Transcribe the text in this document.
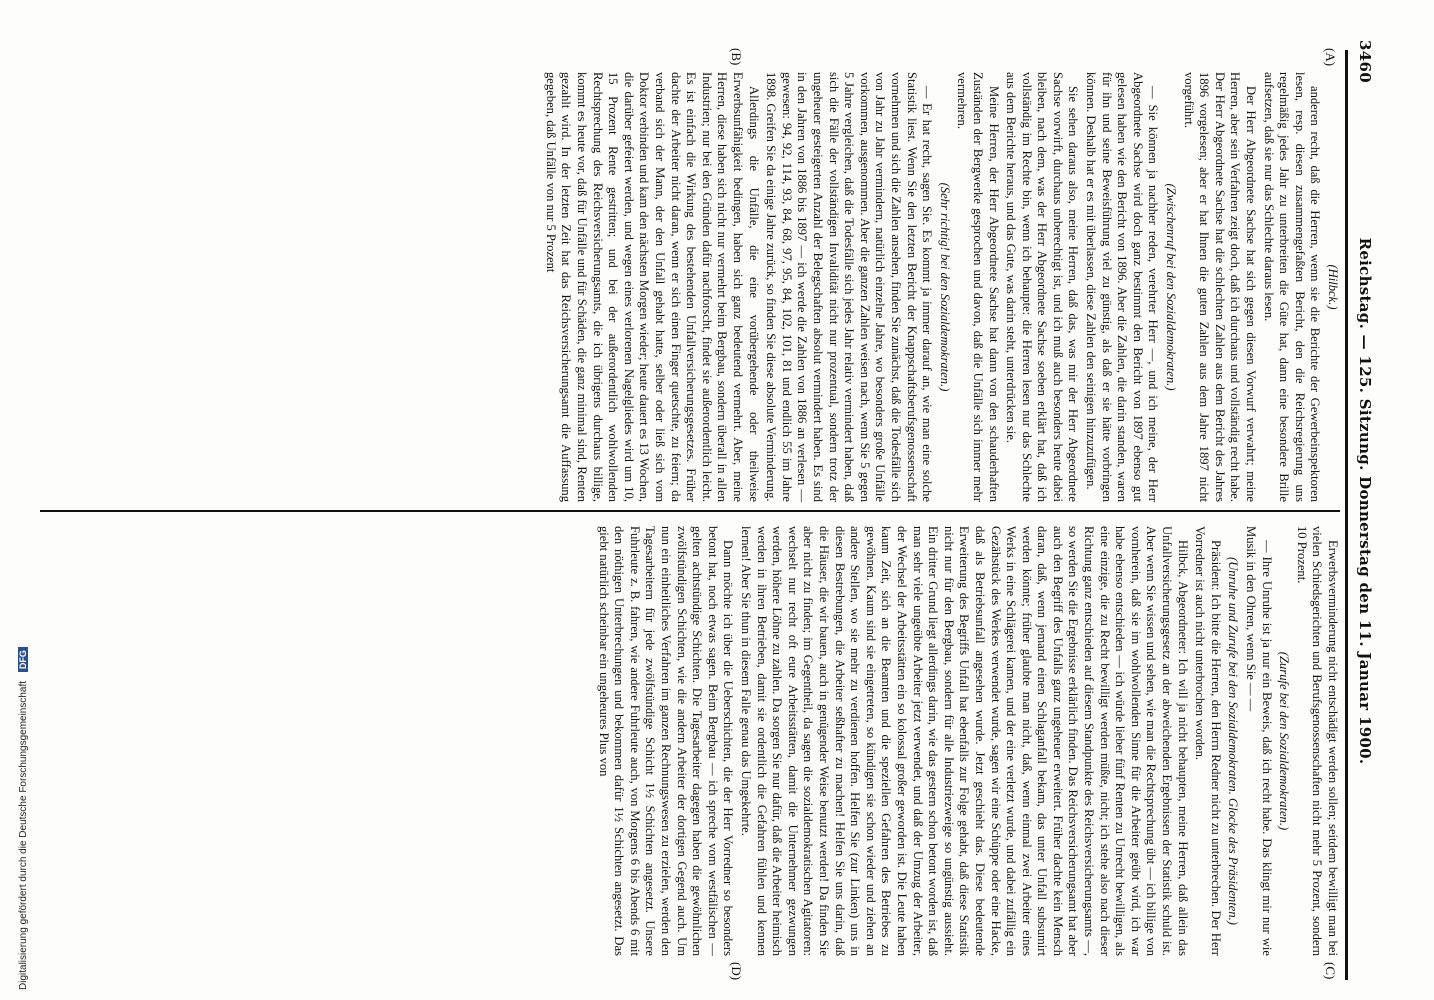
3460
Reichstag. — 125. Sitzung. Donnerstag den 11. Januar 1900.
(A)
(B)
(C)
(D)

(Hilbck.)

anderen recht, daß die Herren, wenn sie die Berichte der Gewerbeinspektoren lesen, resp. diesen zusammengefaßten Bericht, den die Reichsregierung uns regelmäßig jedes Jahr zu unterbreiten die Güte hat, dann eine besondere Brille aufsetzen, daß sie nur das Schlechte daraus lesen.

Der Herr Abgeordnete Sachse hat sich gegen diesen Vorwurf verwahrt; meine Herren, aber sein Verfahren zeigt doch, daß ich durchaus und vollständig recht habe. Der Herr Abgeordnete Sachse hat die schlechten Zahlen aus dem Bericht des Jahres 1896 vorgelesen; aber er hat Ihnen die guten Zahlen aus dem Jahre 1897 nicht vorgeführt.

(Zwischenruf bei den Sozialdemokraten.)

— Sie können ja nachher reden, verehrter Herr —, und ich meine, der Herr Abgeordnete Sachse wird doch ganz bestimmt den Bericht von 1897 ebenso gut gelesen haben wie den Bericht von 1896. Aber die Zahlen, die darin standen, waren für ihn und seine Beweisführung viel zu günstig, als daß er sie hätte vorbringen können. Deshalb hat er es mit überlassen, diese Zahlen den seinigen hinzuzufügen.

Sie sehen daraus also, meine Herren, daß das, was mir der Herr Abgeordnete Sachse vorwirft, durchaus unberechtigt ist, und ich muß auch besonders heute dabei bleiben, nach dem, was der Herr Abgeordnete Sachse soeben erklärt hat, daß ich vollständig im Rechte bin, wenn ich behaupte: die Herren lesen nur das Schlechte aus dem Berichte heraus, und das Gute, was darin steht, unterdrücken sie.

Meine Herren, der Herr Abgeordnete Sachse hat dann von den schauderhaften Zuständen der Bergwerke gesprochen und davon, daß die Unfälle sich immer mehr vermehren.

(Sehr richtig! bei den Sozialdemokraten.)

— Er hat recht, sagen Sie. Es kommt ja immer darauf an, wie man eine solche Statistik liest. Wenn Sie den letzten Bericht der Knappschaftsberufsgenossenschaft vornehmen und sich die Zahlen ansehen, finden Sie zunächst, daß die Todesfälle sich von Jahr zu Jahr vermindern, natürlich einzelne Jahre, wo besonders große Unfälle vorkommen, ausgenommen. Aber die ganzen Zahlen weisen nach, wenn Sie 5 gegen 5 Jahre vergleichen, daß die Todesfälle sich jedes Jahr relativ vermindert haben, daß sich die Fälle der vollständigen Invalidität nicht nur prozentual, sondern trotz der ungeheuer gesteigerten Anzahl der Belegschaften absolut vermindert haben. Es sind in den Jahren von 1886 bis 1897 — ich werde die Zahlen von 1886 an verlesen — gewesen: 94, 92, 114, 93, 84, 68, 97, 95, 84, 102, 101, 81 und endlich 55 im Jahre 1898. Greifen Sie da einige Jahre zurück, so finden Sie diese absolute Verminderung.

Allerdings die Unfälle, die eine vorübergehende oder theilweise Erwerbsunfähigkeit bedingen, haben sich ganz bedeutend vermehrt. Aber, meine Herren, diese haben sich nicht nur vermehrt beim Bergbau, sondern überall in allen Industrien; nur bei den Gründen dafür nachforscht, findet sie außerordentlich leicht. Es ist einfach die Wirkung des bestehenden Unfallversicherungsgesetzes. Früher dachte der Arbeiter nicht daran, wenn er sich einen Finger quetschte, zu feiern; da verband sich der Mann, der den Unfall gehabt hatte, selber oder ließ sich vom Doktor verbinden und kam den nächsten Morgen wieder; heute dauert es 13 Wochen, die darüber gefeiert werden, und wegen eines verlorenen Nagelgliedes wird um 10, 15 Prozent Rente gestritten; und bei der außerordentlich wohlwollenden Rechtsprechung des Reichsversicherungsamts, die ich übrigens durchaus billige, kommt es heute vor, daß für Unfälle und für Schäden, die ganz minimal sind, Renten gezahlt wird. In der letzten Zeit hat das Reichsversicherungsamt die Auffassung gegeben, daß Unfälle von nur 5 Prozent

Erwerbsverminderung nicht entschädigt werden sollen; seitdem bewilligt man bei vielen Schiedsgerichten und Berufsgenossenschaften nicht mehr 5 Prozent, sondern 10 Prozent.

(Zurufe bei den Sozialdemokraten.)

— Ihre Unruhe ist ja nur ein Beweis, daß ich recht habe. Das klingt mir nur wie Musik in den Ohren, wenn Sie — —

(Unruhe und Zurufe bei den Sozialdemokraten. Glocke des Präsidenten.)

Präsident: Ich bitte die Herren, den Herrn Redner nicht zu unterbrechen. Der Herr Vorredner ist auch nicht unterbrochen worden.

Hilbck, Abgeordneter: Ich will ja nicht behaupten, meine Herren, daß allein das Unfallversicherungsgesetz an der abweichenden Ergebnissen der Statistik schuld ist. Aber wenn Sie wissen und sehen, wie man die Rechtsprechung übt — ich billige von vornherein, daß sie im wohlwollenden Sinne für die Arbeiter geübt wird, ich war habe ebenso entschieden — ich würde lieber fünf Renten zu Unrecht bewilligen, als eine einzige, die zu Recht bewilligt werden müßte, nicht; ich stehe also nach dieser Richtung ganz entschieden auf diesem Standpunkte des Reichsversicherungsamts —, so werden Sie die Ergebnisse erklärlich finden. Das Reichsversicherungsamt hat aber auch den Begriff des Unfalls ganz ungeheuer erweitert. Früher dachte kein Mensch daran, daß, wenn jemand einen Schlaganfall bekam, das unter Unfall subsumirt werden könnte; früher glaubte man nicht, daß, wenn einmal zwei Arbeiter eines Werks in eine Schlägerei kamen, und der eine verletzt wurde, und dabei zufällig ein Gezähstück des Werkes verwendet wurde, sagen wir eine Schüppe oder eine Hacke, daß als Betriebsunfall angesehen wurde. Jetzt geschieht das. Diese bedeutende Erweiterung des Begriffs Unfall hat ebenfalls zur Folge gehabt, daß diese Statistik nicht nur für den Bergbau, sondern für alle Industriezweige so ungünstig aussieht. Ein dritter Grund liegt allerdings darin, wie das gestern schon betont worden ist, daß man sehr viele ungeübte Arbeiter jetzt verwendet, und daß der Umzug der Arbeiter, der Wechsel der Arbeitsstätten ein so kolossal großer geworden ist. Die Leute haben kaum Zeit, sich an die Beamten und die speziellen Gefahren des Betriebes zu gewöhnen. Kaum sind sie eingetreten, so kündigen sie schon wieder und ziehen an andere Stellen, wo sie mehr zu verdienen hoffen. Helfen Sie (zur Linken) uns in diesen Bestrebungen, die Arbeiter seßhafter zu machen! Helfen Sie uns darin, daß die Häuser, die wir bauen, auch in genügender Weise benutzt werden! Da finden Sie aber nicht zu finden; im Gegentheil, da sagen die sozialdemokratischen Agitatoren: wechselt nur recht oft eure Arbeitsstätten, damit die Unternehmer gezwungen werden, höhere Löhne zu zahlen. Da sorgen Sie nur dafür, daß die Arbeiter heimisch werden in ihren Betrieben, damit sie ordentlich die Gefahren fühlen und kennen lernen! Aber Sie thun in diesem Falle genau das Umgekehrte.

Dann möchte ich über die Ueberschichten, die der Herr Vorredner so besonders betont hat, noch etwas sagen. Beim Bergbau — ich spreche vom westfälischen — gelten achtstündige Schichten. Die Tagesarbeiter dagegen haben die gewöhnlichen zwölfstündigen Schichten, wie die andern Arbeiter der dortigen Gegend auch. Um nun ein einheitliches Verfahren im ganzen Rechnungswesen zu erzielen, werden den Tagesarbeitern für jede zwölfstündige Schicht 1½ Schichten angesetzt. Unsere Fuhrleute z. B. fahren, wie andere Fuhrleute auch, von Morgens 6 bis Abends 6 mit den nöthigen Unterbrechungen und bekommen dafür 1½ Schichten angesetzt. Das giebt natürlich scheinbar ein ungeheures Plus von

Digitalisierung gefördert durch die Deutsche Forschungsgemeinschaft DFG
